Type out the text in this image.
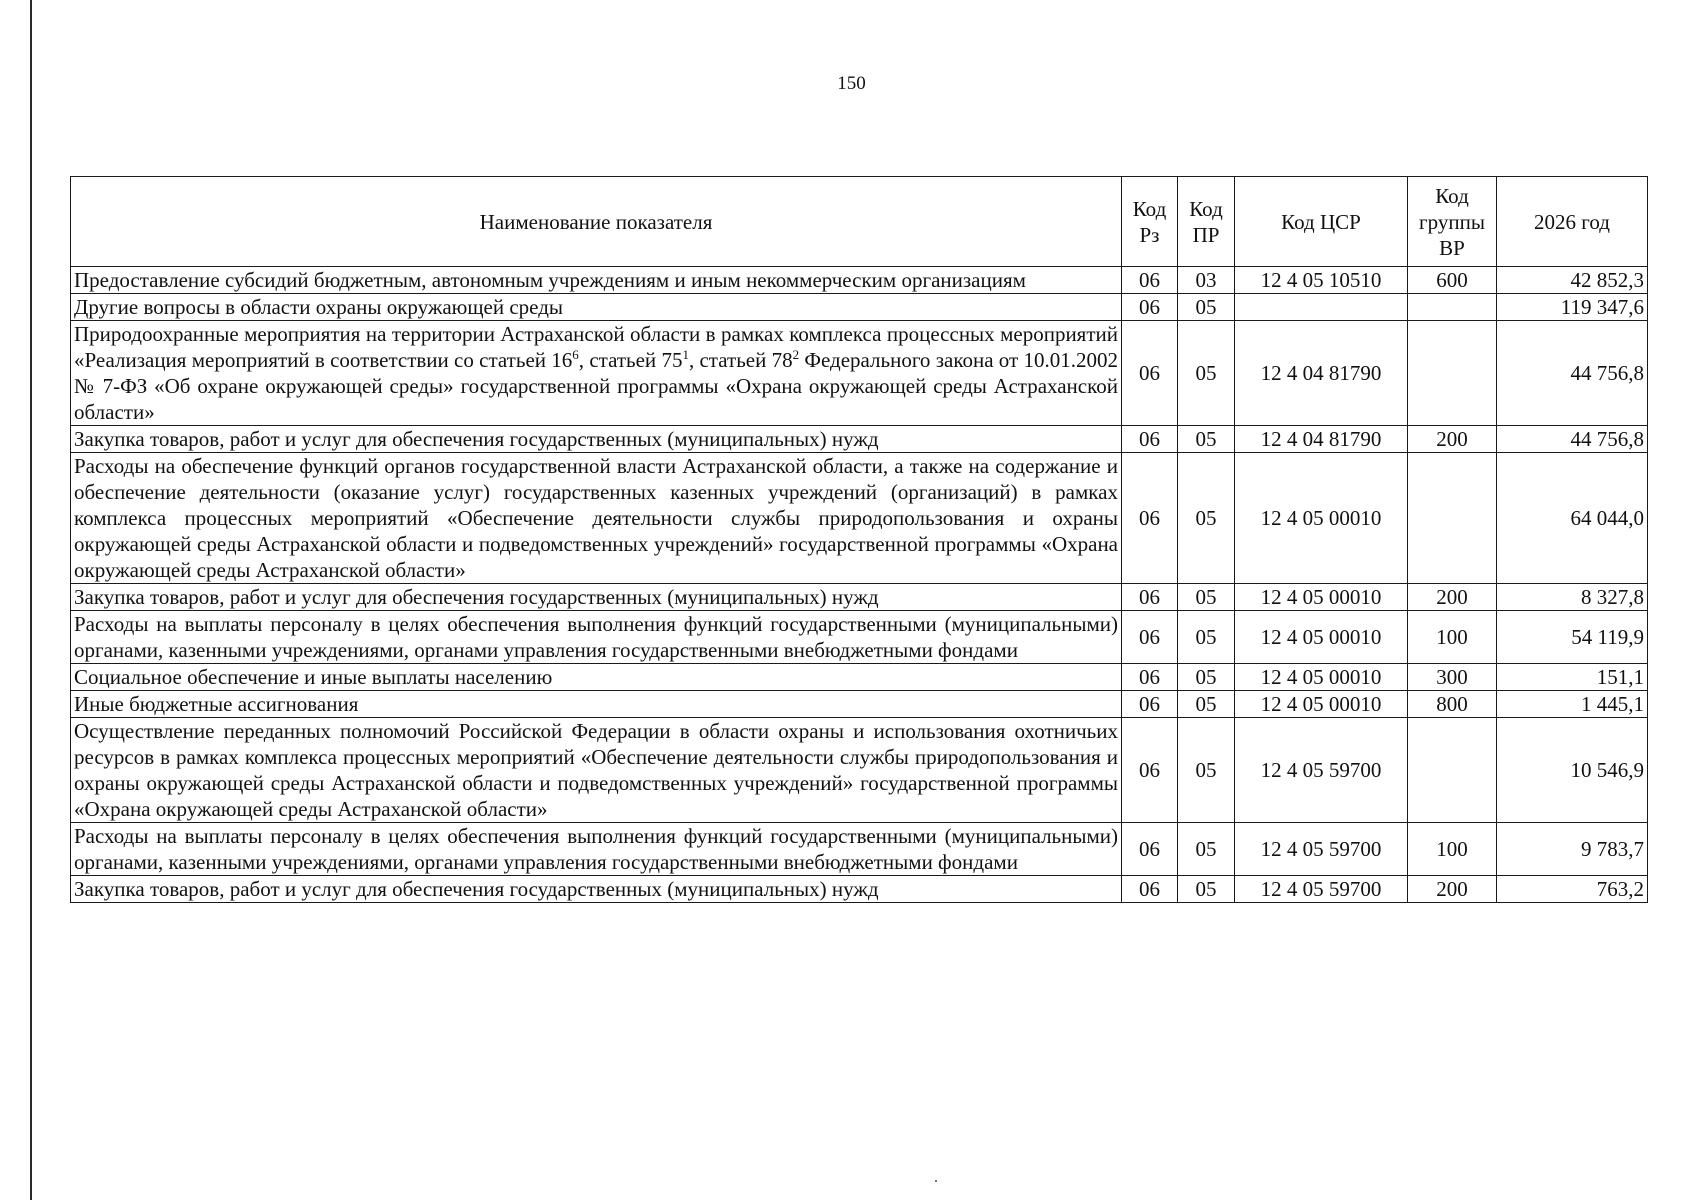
150
Наименование показателя	Код Рз	Код ПР	Код ЦСР	Код группы ВР	2026 год
Предоставление субсидий бюджетным, автономным учреждениям и иным некоммерческим организациям	06	03	12 4 05 10510	600	42 852,3
Другие вопросы в области охраны окружающей среды	06	05			119 347,6
Природоохранные мероприятия на территории Астраханской области в рамках комплекса процессных мероприятий «Реализация мероприятий в соответствии со статьей $16^6$, статьей $75^1$, статьей $78^2$ Федерального закона от 10.01.2002 № 7-ФЗ «Об охране окружающей среды» государственной программы «Охрана окружающей среды Астраханской области»	06	05	12 4 04 81790		44 756,8
Закупка товаров, работ и услуг для обеспечения государственных (муниципальных) нужд	06	05	12 4 04 81790	200	44 756,8
Расходы на обеспечение функций органов государственной власти Астраханской области, а также на содержание и обеспечение деятельности (оказание услуг) государственных казенных учреждений (организаций) в рамках комплекса процессных мероприятий «Обеспечение деятельности службы природопользования и охраны окружающей среды Астраханской области и подведомственных учреждений» государственной программы «Охрана окружающей среды Астраханской области»	06	05	12 4 05 00010		64 044,0
Закупка товаров, работ и услуг для обеспечения государственных (муниципальных) нужд	06	05	12 4 05 00010	200	8 327,8
Расходы на выплаты персоналу в целях обеспечения выполнения функций государственными (муниципальными) органами, казенными учреждениями, органами управления государственными внебюджетными фондами	06	05	12 4 05 00010	100	54 119,9
Социальное обеспечение и иные выплаты населению	06	05	12 4 05 00010	300	151,1
Иные бюджетные ассигнования	06	05	12 4 05 00010	800	1 445,1
Осуществление переданных полномочий Российской Федерации в области охраны и использования охотничьих ресурсов в рамках комплекса процессных мероприятий «Обеспечение деятельности службы природопользования и охраны окружающей среды Астраханской области и подведомственных учреждений» государственной программы «Охрана окружающей среды Астраханской области»	06	05	12 4 05 59700		10 546,9
Расходы на выплаты персоналу в целях обеспечения выполнения функций государственными (муниципальными) органами, казенными учреждениями, органами управления государственными внебюджетными фондами	06	05	12 4 05 59700	100	9 783,7
Закупка товаров, работ и услуг для обеспечения государственных (муниципальных) нужд	06	05	12 4 05 59700	200	763,2
